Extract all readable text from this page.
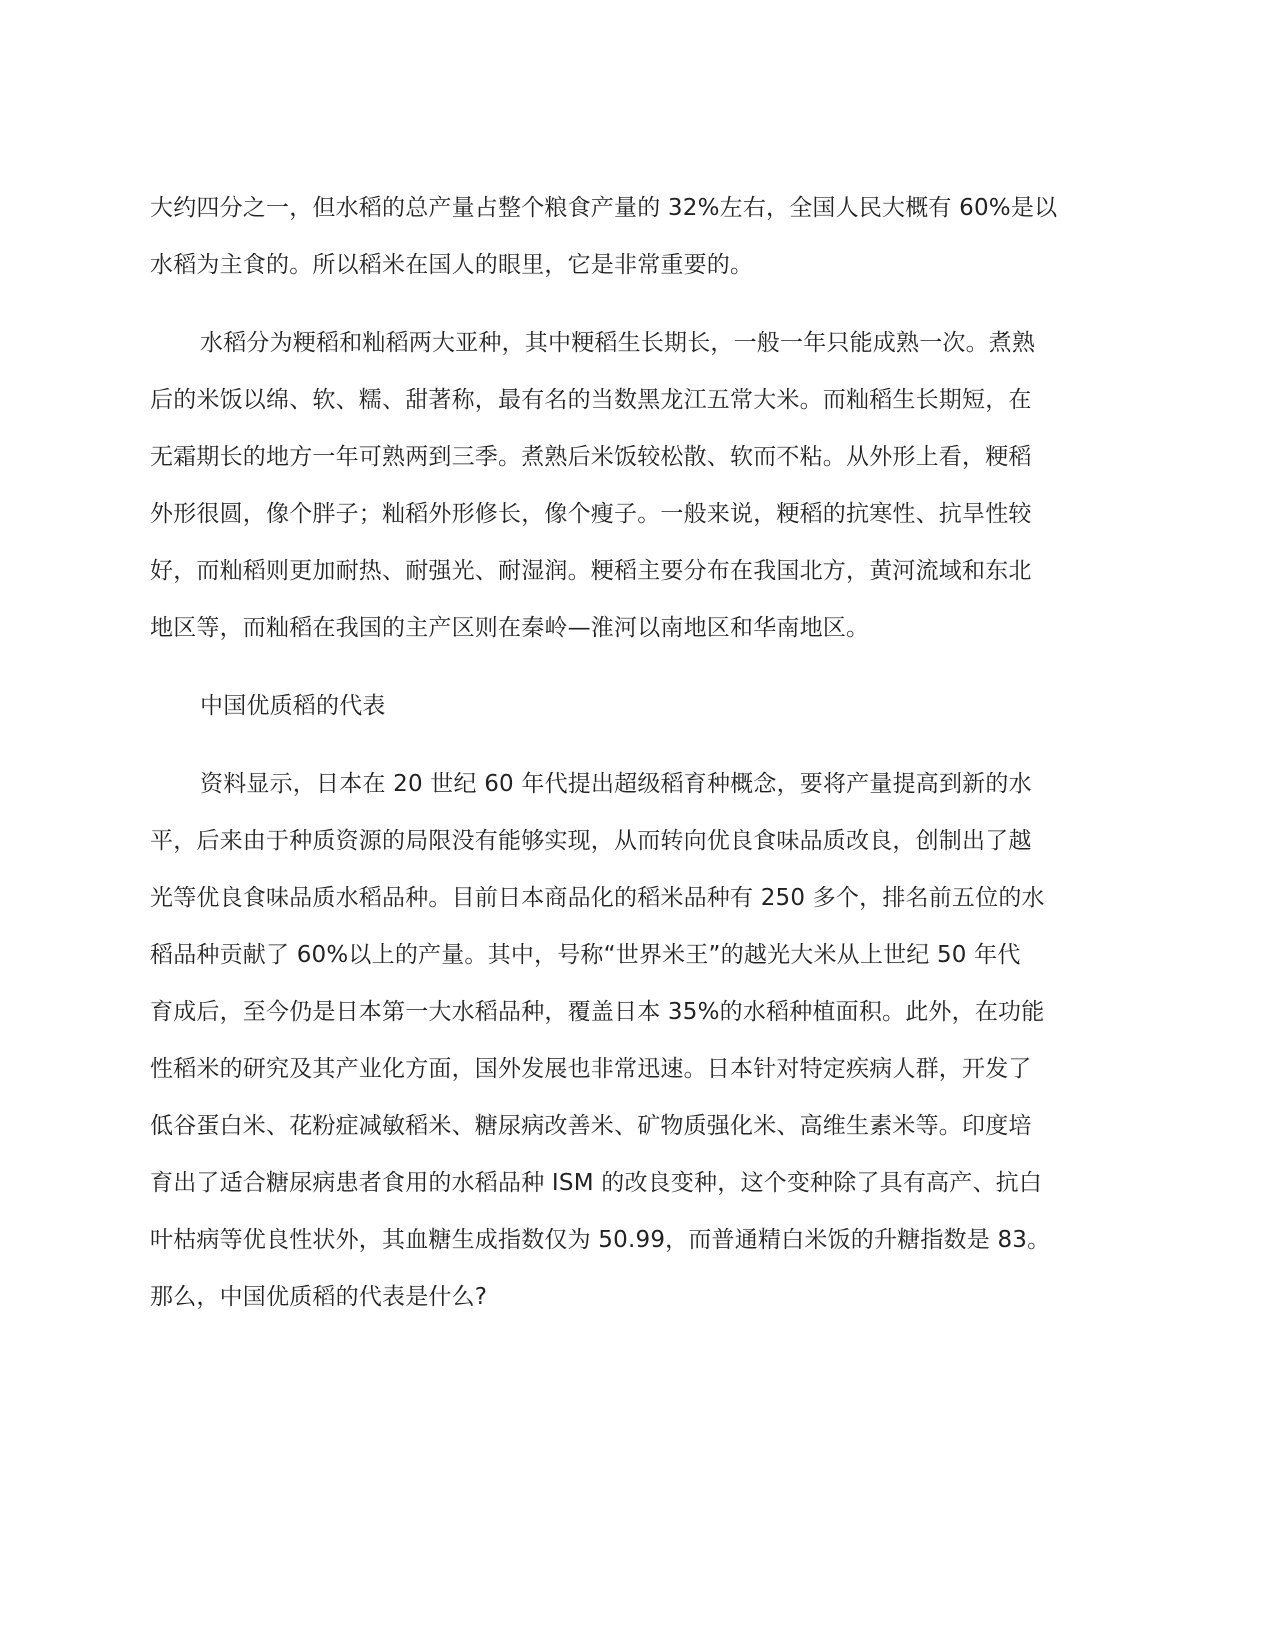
大约四分之一，但水稻的总产量占整个粮食产量的 32%左右，全国人民大概有 60%是以
水稻为主食的。所以稻米在国人的眼里，它是非常重要的。
水稻分为粳稻和籼稻两大亚种，其中粳稻生长期长，一般一年只能成熟一次。煮熟
后的米饭以绵、软、糯、甜著称，最有名的当数黑龙江五常大米。而籼稻生长期短，在
无霜期长的地方一年可熟两到三季。煮熟后米饭较松散、软而不粘。从外形上看，粳稻
外形很圆，像个胖子；籼稻外形修长，像个瘦子。一般来说，粳稻的抗寒性、抗旱性较
好，而籼稻则更加耐热、耐强光、耐湿润。粳稻主要分布在我国北方，黄河流域和东北
地区等，而籼稻在我国的主产区则在秦岭—淮河以南地区和华南地区。
中国优质稻的代表
资料显示，日本在 20 世纪 60 年代提出超级稻育种概念，要将产量提高到新的水
平，后来由于种质资源的局限没有能够实现，从而转向优良食味品质改良，创制出了越
光等优良食味品质水稻品种。目前日本商品化的稻米品种有 250 多个，排名前五位的水
稻品种贡献了 60%以上的产量。其中，号称“世界米王”的越光大米从上世纪 50 年代
育成后，至今仍是日本第一大水稻品种，覆盖日本 35%的水稻种植面积。此外，在功能
性稻米的研究及其产业化方面，国外发展也非常迅速。日本针对特定疾病人群，开发了
低谷蛋白米、花粉症减敏稻米、糖尿病改善米、矿物质强化米、高维生素米等。印度培
育出了适合糖尿病患者食用的水稻品种 ISM 的改良变种，这个变种除了具有高产、抗白
叶枯病等优良性状外，其血糖生成指数仅为 50.99，而普通精白米饭的升糖指数是 83。
那么，中国优质稻的代表是什么?
